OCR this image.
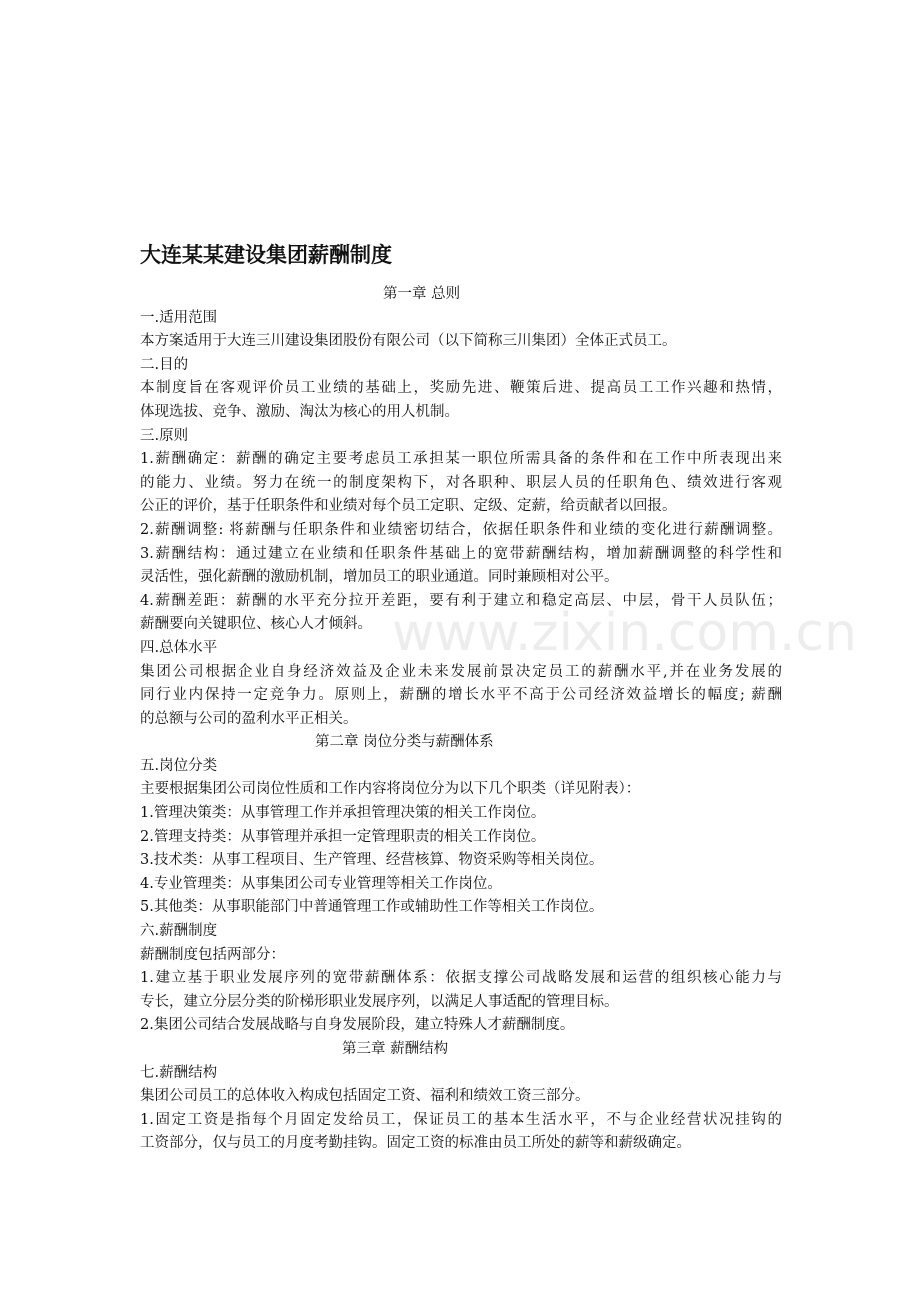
www.zixin.com.cn
大连某某建设集团薪酬制度
第一章 总则
一.适用范围
本方案适用于大连三川建设集团股份有限公司（以下简称三川集团）全体正式员工。
二.目的
本制度旨在客观评价员工业绩的基础上，奖励先进、鞭策后进、提高员工工作兴趣和热情，
体现选拔、竞争、激励、淘汰为核心的用人机制。
三.原则
1.薪酬确定：薪酬的确定主要考虑员工承担某一职位所需具备的条件和在工作中所表现出来
的能力、业绩。努力在统一的制度架构下，对各职种、职层人员的任职角色、绩效进行客观
公正的评价，基于任职条件和业绩对每个员工定职、定级、定薪，给贡献者以回报。
2.薪酬调整: 将薪酬与任职条件和业绩密切结合，依据任职条件和业绩的变化进行薪酬调整。
3.薪酬结构：通过建立在业绩和任职条件基础上的宽带薪酬结构，增加薪酬调整的科学性和
灵活性，强化薪酬的激励机制，增加员工的职业通道。同时兼顾相对公平。
4.薪酬差距：薪酬的水平充分拉开差距，要有利于建立和稳定高层、中层，骨干人员队伍；
薪酬要向关键职位、核心人才倾斜。
四.总体水平
集团公司根据企业自身经济效益及企业未来发展前景决定员工的薪酬水平,并在业务发展的
同行业内保持一定竞争力。原则上，薪酬的增长水平不高于公司经济效益增长的幅度; 薪酬
的总额与公司的盈利水平正相关。
第二章 岗位分类与薪酬体系
五.岗位分类
主要根据集团公司岗位性质和工作内容将岗位分为以下几个职类（详见附表）：
1.管理决策类：从事管理工作并承担管理决策的相关工作岗位。
2.管理支持类：从事管理并承担一定管理职责的相关工作岗位。
3.技术类：从事工程项目、生产管理、经营核算、物资采购等相关岗位。
4.专业管理类：从事集团公司专业管理等相关工作岗位。
5.其他类：从事职能部门中普通管理工作或辅助性工作等相关工作岗位。
六.薪酬制度
薪酬制度包括两部分：
1.建立基于职业发展序列的宽带薪酬体系：依据支撑公司战略发展和运营的组织核心能力与
专长，建立分层分类的阶梯形职业发展序列，以满足人事适配的管理目标。
2.集团公司结合发展战略与自身发展阶段，建立特殊人才薪酬制度。
第三章 薪酬结构
七.薪酬结构
集团公司员工的总体收入构成包括固定工资、福利和绩效工资三部分。
1.固定工资是指每个月固定发给员工，保证员工的基本生活水平，不与企业经营状况挂钩的
工资部分，仅与员工的月度考勤挂钩。固定工资的标准由员工所处的薪等和薪级确定。
